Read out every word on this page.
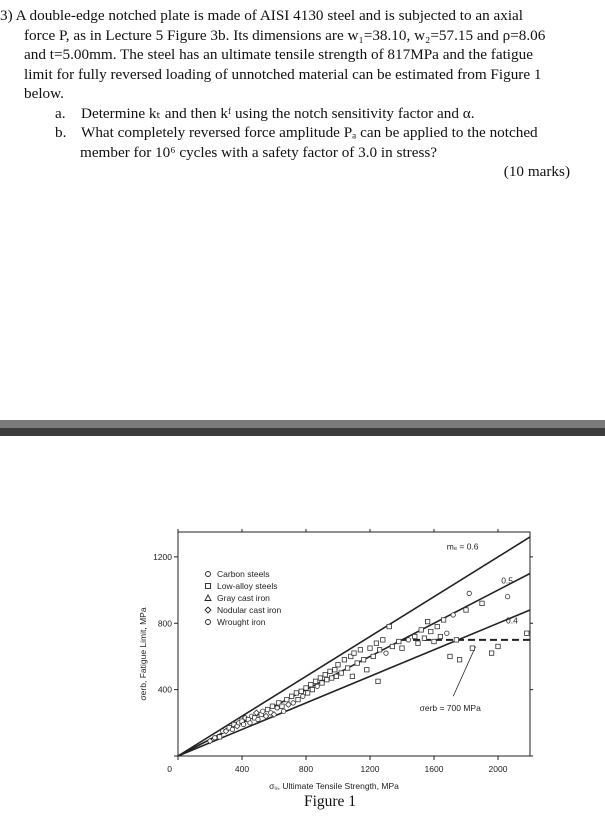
3) A double-edge notched plate is made of AISI 4130 steel and is subjected to an axial
force P, as in Lecture 5 Figure 3b. Its dimensions are w₁=38.10, w₂=57.15 and ρ=8.06
and t=5.00mm. The steel has an ultimate tensile strength of 817MPa and the fatigue
limit for fully reversed loading of unnotched material can be estimated from Figure 1
below.
a. Determine kₜ and then kᶠ using the notch sensitivity factor and α.
b. What completely reversed force amplitude Pₐ can be applied to the notched
member for 10⁶ cycles with a safety factor of 3.0 in stress?
(10 marks)
Carbon steels
Low-alloy steels
Gray cast iron
Nodular cast iron
Wrought iron
400	800	1200	1600	2000
0
400
800
1200
σᵤ, Ultimate Tensile Strength, MPa
σerb, Fatigue Limit, MPa
mₑ = 0.6
0.5
0.4
σerb = 700 MPa
Figure 1
